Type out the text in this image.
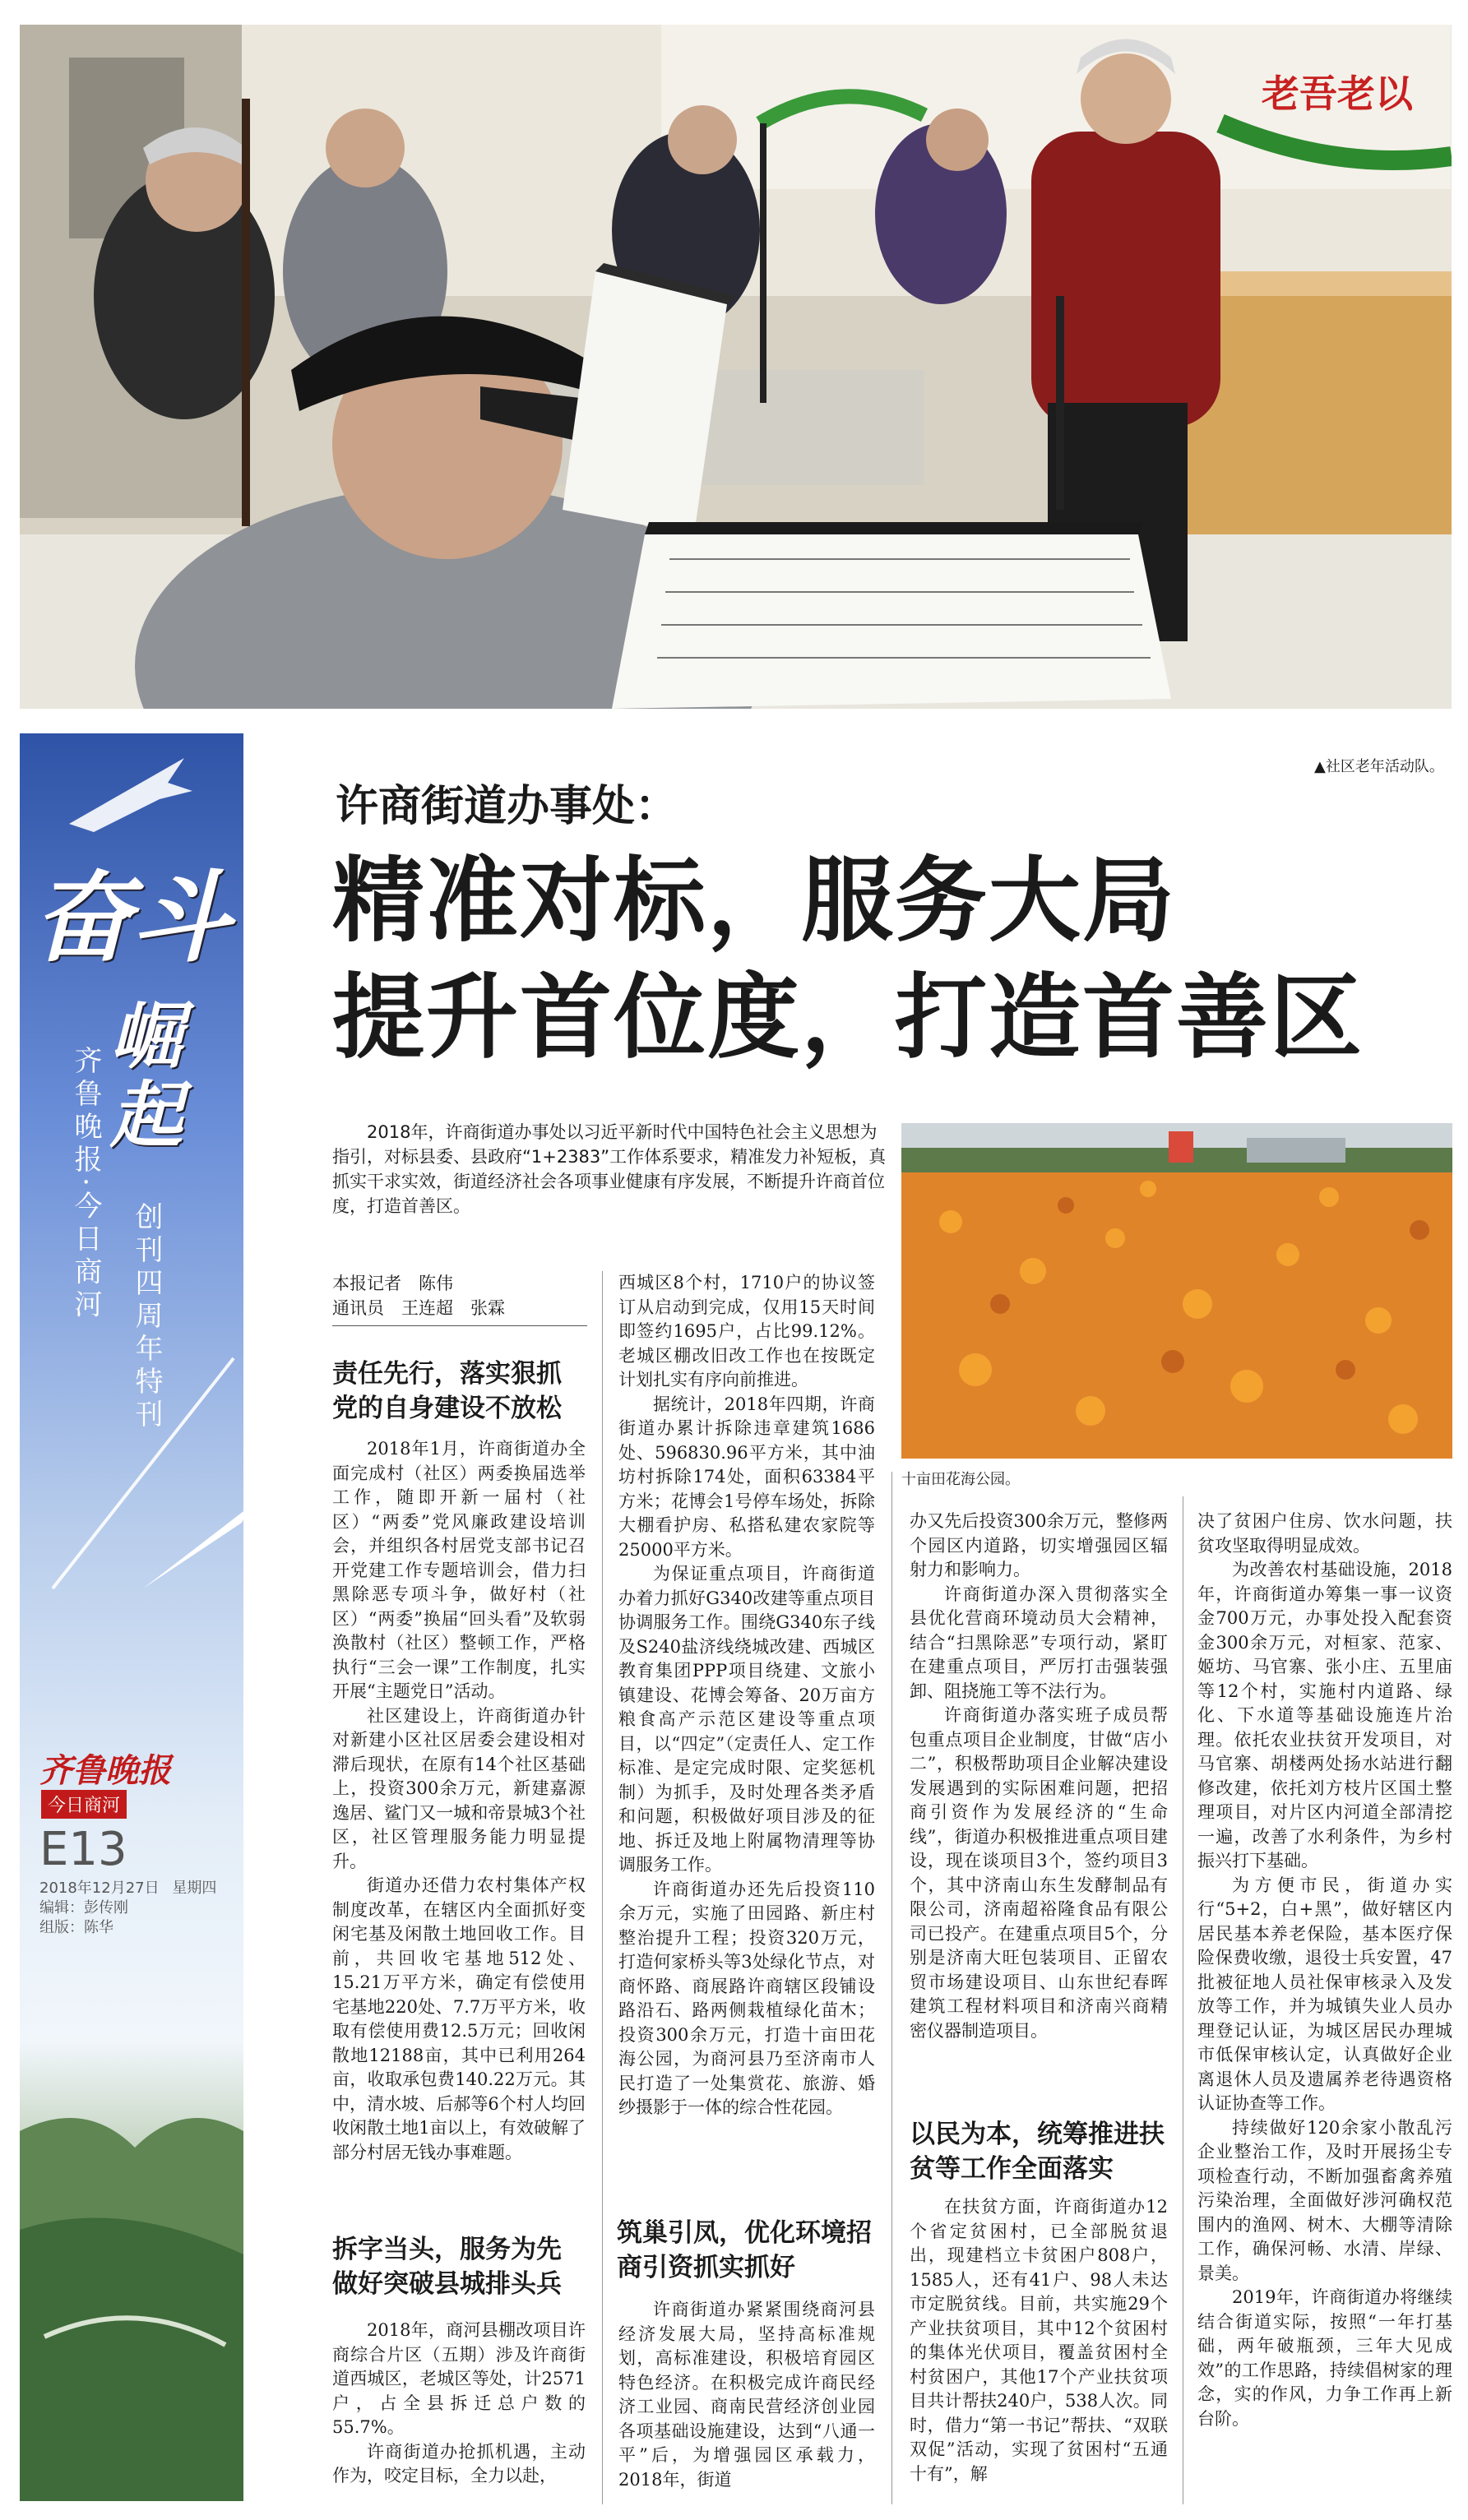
老吾老以
奋斗
崛起
齐鲁晚报·今日商河 创刊四周年特刊
齐鲁晚报
今日商河
E13
2018年12月27日 星期四
编辑：彭传刚
组版：陈华
▲社区老年活动队。
许商街道办事处：
精准对标，服务大局
提升首位度，打造首善区
2018年，许商街道办事处以习近平新时代中国特色社会主义思想为指引，对标县委、县政府“1+2383”工作体系要求，精准发力补短板，真抓实干求实效，街道经济社会各项事业健康有序发展，不断提升许商首位度，打造首善区。
十亩田花海公园。
本报记者　陈伟
通讯员　王连超　张霖
责任先行，落实狠抓党的自身建设不放松
拆字当头，服务为先做好突破县城排头兵
筑巢引凤，优化环境招商引资抓实抓好
以民为本，统筹推进扶贫等工作全面落实

2018年1月，许商街道办全面完成村（社区）两委换届选举工作，随即开新一届村（社区）“两委”党风廉政建设培训会，并组织各村居党支部书记召开党建工作专题培训会，借力扫黑除恶专项斗争，做好村（社区）“两委”换届“回头看”及软弱涣散村（社区）整顿工作，严格执行“三会一课”工作制度，扎实开展“主题党日”活动。

社区建设上，许商街道办针对新建小区社区居委会建设相对滞后现状，在原有14个社区基础上，投资300余万元，新建嘉源逸居、鲨门又一城和帝景城3个社区，社区管理服务能力明显提升。

街道办还借力农村集体产权制度改革，在辖区内全面抓好变闲宅基及闲散土地回收工作。目前，共回收宅基地512处、15.21万平方米，确定有偿使用宅基地220处、7.7万平方米，收取有偿使用费12.5万元；回收闲散地12188亩，其中已利用264亩，收取承包费140.22万元。其中，清水坡、后郝等6个村人均回收闲散土地1亩以上，有效破解了部分村居无钱办事难题。

2018年，商河县棚改项目许商综合片区（五期）涉及许商街道西城区，老城区等处，计2571户，占全县拆迁总户数的55.7%。

许商街道办抢抓机遇，主动作为，咬定目标，全力以赴，

西城区8个村，1710户的协议签订从启动到完成，仅用15天时间即签约1695户，占比99.12%。老城区棚改旧改工作也在按既定计划扎实有序向前推进。

据统计，2018年四期，许商街道办累计拆除违章建筑1686处、596830.96平方米，其中油坊村拆除174处，面积63384平方米；花博会1号停车场处，拆除大棚看护房、私搭私建农家院等25000平方米。

为保证重点项目，许商街道办着力抓好G340改建等重点项目协调服务工作。围绕G340东子线及S240盐济线绕城改建、西城区教育集团PPP项目绕建、文旅小镇建设、花博会筹备、20万亩方粮食高产示范区建设等重点项目，以“四定”（定责任人、定工作标准、是定完成时限、定奖惩机制）为抓手，及时处理各类矛盾和问题，积极做好项目涉及的征地、拆迁及地上附属物清理等协调服务工作。

许商街道办还先后投资110余万元，实施了田园路、新庄村整治提升工程；投资320万元，打造何家桥头等3处绿化节点，对商怀路、商展路许商辖区段铺设路沿石、路两侧栽植绿化苗木；投资300余万元，打造十亩田花海公园，为商河县乃至济南市人民打造了一处集赏花、旅游、婚纱摄影于一体的综合性花园。

许商街道办紧紧围绕商河县经济发展大局，坚持高标准规划，高标准建设，积极培育园区特色经济。在积极完成许商民经济工业园、商南民营经济创业园各项基础设施建设，达到“八通一平”后，为增强园区承载力，2018年，街道

办又先后投资300余万元，整修两个园区内道路，切实增强园区辐射力和影响力。

许商街道办深入贯彻落实全县优化营商环境动员大会精神，结合“扫黑除恶”专项行动，紧盯在建重点项目，严厉打击强装强卸、阻挠施工等不法行为。

许商街道办落实班子成员帮包重点项目企业制度，甘做“店小二”，积极帮助项目企业解决建设发展遇到的实际困难问题，把招商引资作为发展经济的“生命线”，街道办积极推进重点项目建设，现在谈项目3个，签约项目3个，其中济南山东生发酵制品有限公司，济南超裕隆食品有限公司已投产。在建重点项目5个，分别是济南大旺包装项目、正留农贸市场建设项目、山东世纪春晖建筑工程材料项目和济南兴商精密仪器制造项目。

在扶贫方面，许商街道办12个省定贫困村，已全部脱贫退出，现建档立卡贫困户808户，1585人，还有41户、98人未达市定脱贫线。目前，共实施29个产业扶贫项目，其中12个贫困村的集体光伏项目，覆盖贫困村全村贫困户，其他17个产业扶贫项目共计帮扶240户，538人次。同时，借力“第一书记”帮扶、“双联双促”活动，实现了贫困村“五通十有”，解

决了贫困户住房、饮水问题，扶贫攻坚取得明显成效。

为改善农村基础设施，2018年，许商街道办筹集一事一议资金700万元，办事处投入配套资金300余万元，对桓家、范家、姬坊、马官寨、张小庄、五里庙等12个村，实施村内道路、绿化、下水道等基础设施连片治理。依托农业扶贫开发项目，对马官寨、胡楼两处扬水站进行翻修改建，依托刘方枝片区国土整理项目，对片区内河道全部清挖一遍，改善了水利条件，为乡村振兴打下基础。

为方便市民，街道办实行“5+2，白+黑”，做好辖区内居民基本养老保险，基本医疗保险保费收缴，退役士兵安置，47批被征地人员社保审核录入及发放等工作，并为城镇失业人员办理登记认证，为城区居民办理城市低保审核认定，认真做好企业离退休人员及遗属养老待遇资格认证协查等工作。

持续做好120余家小散乱污企业整治工作，及时开展扬尘专项检查行动，不断加强畜禽养殖污染治理，全面做好涉河确权范围内的渔网、树木、大棚等清除工作，确保河畅、水清、岸绿、景美。

2019年，许商街道办将继续结合街道实际，按照“一年打基础，两年破瓶颈，三年大见成效”的工作思路，持续倡树家的理念，实的作风，力争工作再上新台阶。
